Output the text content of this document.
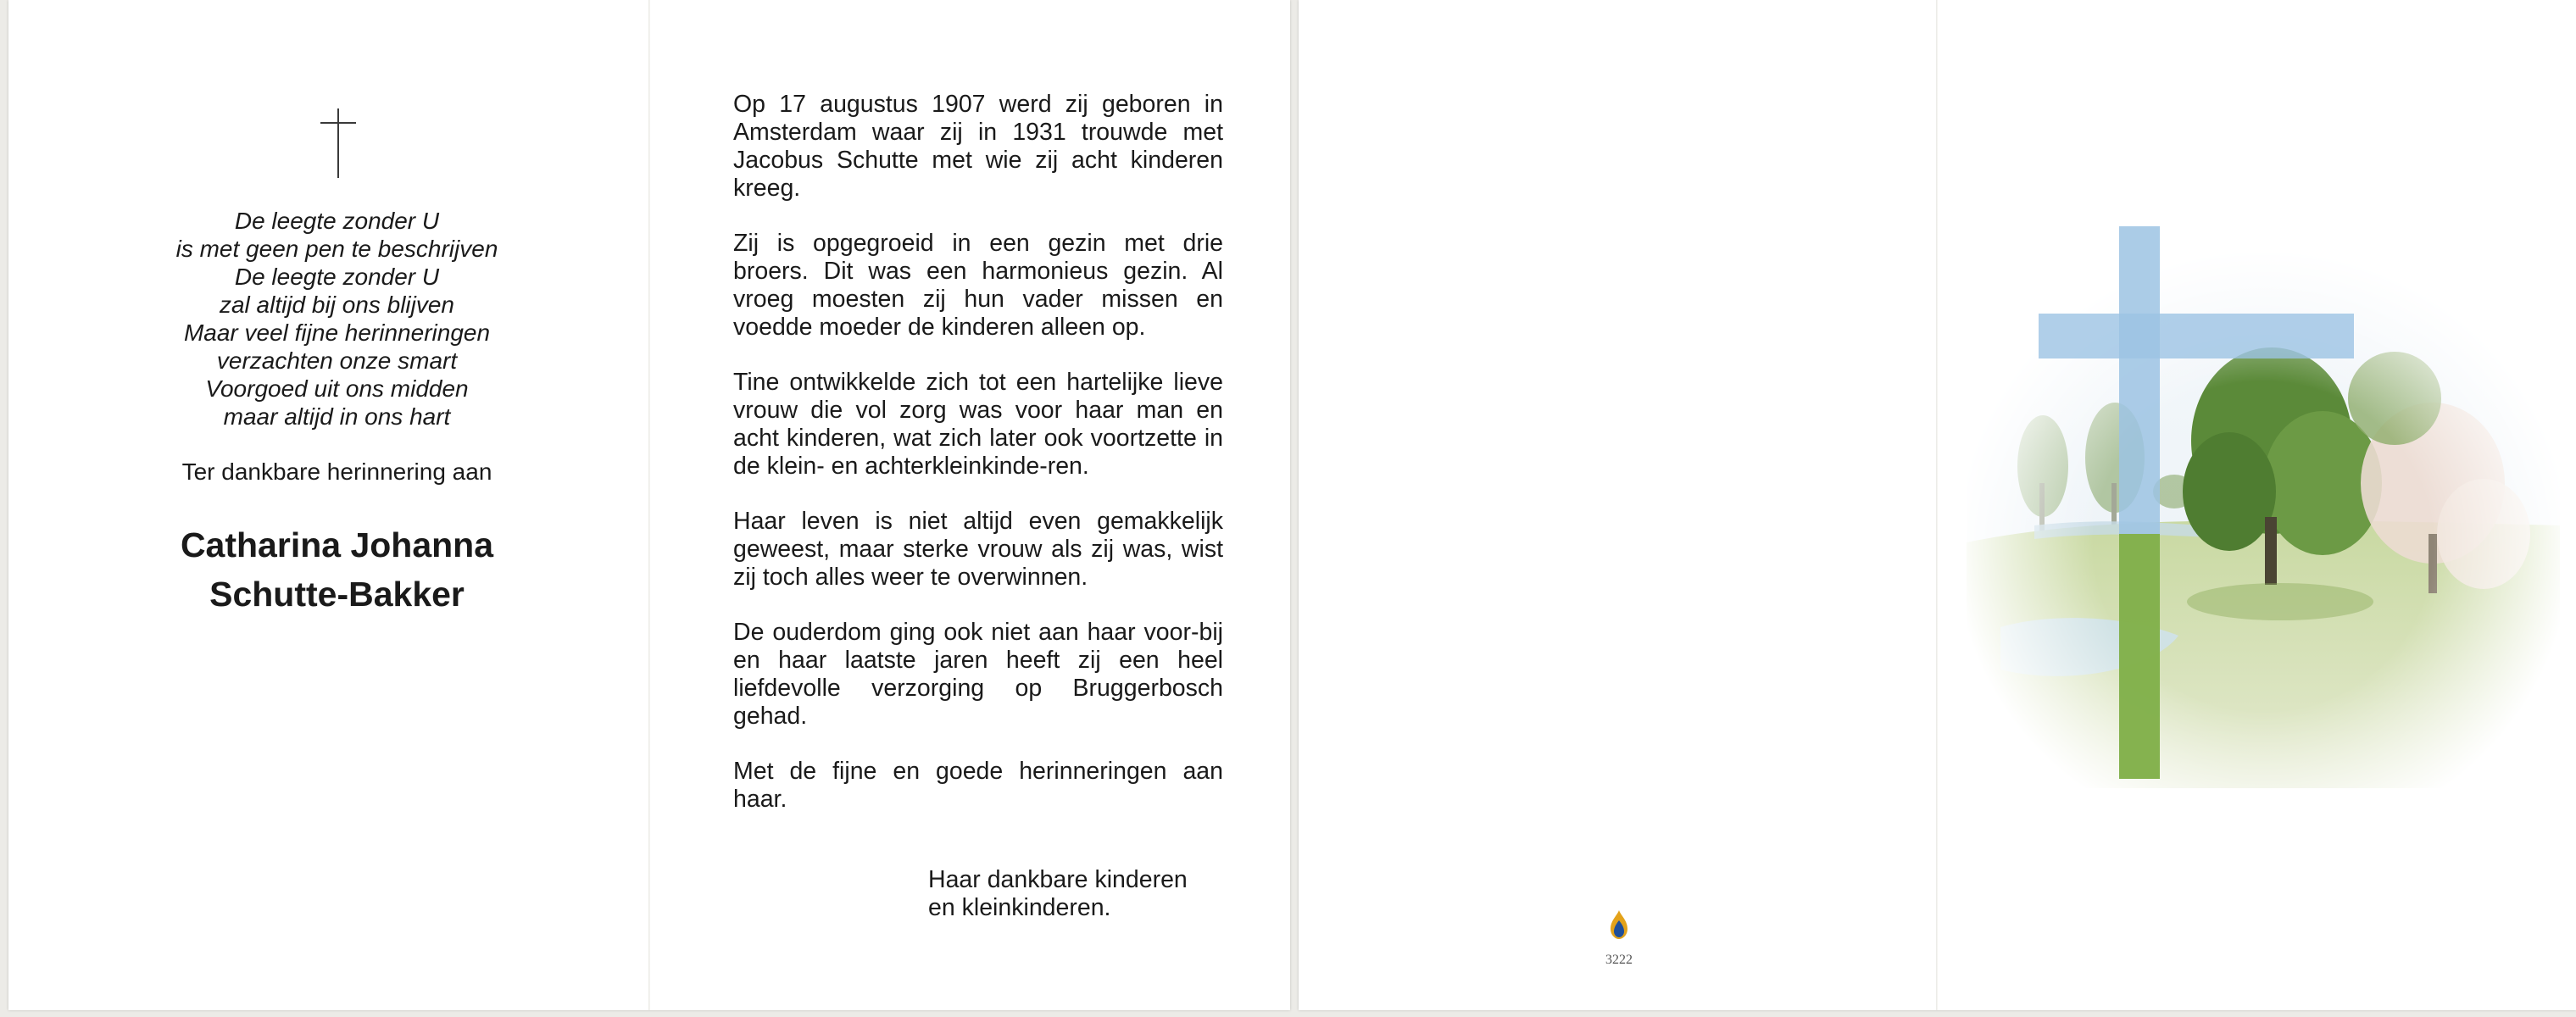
De leegte zonder U
is met geen pen te beschrijven
De leegte zonder U
zal altijd bij ons blijven
Maar veel fijne herinneringen
verzachten onze smart
Voorgoed uit ons midden
maar altijd in ons hart
Ter dankbare herinnering aan
Catharina Johanna
Schutte-Bakker

Op 17 augustus 1907 werd zij geboren in Amsterdam waar zij in 1931 trouwde met Jacobus Schutte met wie zij acht kinderen kreeg.

Zij is opgegroeid in een gezin met drie broers. Dit was een harmonieus gezin. Al vroeg moesten zij hun vader missen en voedde moeder de kinderen alleen op.

Tine ontwikkelde zich tot een hartelijke lieve vrouw die vol zorg was voor haar man en acht kinderen, wat zich later ook voortzette in de klein- en achterkleinkinde-ren.

Haar leven is niet altijd even gemakkelijk geweest, maar sterke vrouw als zij was, wist zij toch alles weer te overwinnen.

De ouderdom ging ook niet aan haar voor-bij en haar laatste jaren heeft zij een heel liefdevolle verzorging op Bruggerbosch gehad.

Met de fijne en goede herinneringen aan haar.

Haar dankbare kinderen
en kleinkinderen.
3222
